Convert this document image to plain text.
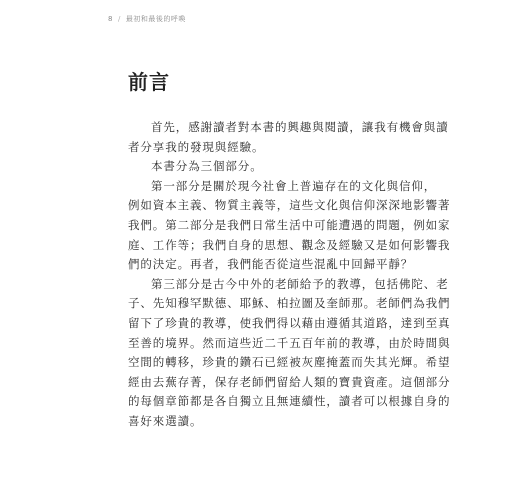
8 / 最初和最後的呼喚
前言
首先，感謝讀者對本書的興趣與閱讀，讓我有機會與讀
者分享我的發現與經驗。
本書分為三個部分。
第一部分是關於現今社會上普遍存在的文化與信仰，
例如資本主義、物質主義等，這些文化與信仰深深地影響著
我們。第二部分是我們日常生活中可能遭遇的問題，例如家
庭、工作等；我們自身的思想、觀念及經驗又是如何影響我
們的決定。再者，我們能否從這些混亂中回歸平靜？
第三部分是古今中外的老師給予的教導，包括佛陀、老
子、先知穆罕默德、耶穌、柏拉圖及奎師那。老師們為我們
留下了珍貴的教導，使我們得以藉由遵循其道路，達到至真
至善的境界。然而這些近二千五百年前的教導，由於時間與
空間的轉移，珍貴的鑽石已經被灰塵掩蓋而失其光輝。希望
經由去蕪存菁，保存老師們留給人類的寶貴資產。這個部分
的每個章節都是各自獨立且無連續性，讀者可以根據自身的
喜好來選讀。
